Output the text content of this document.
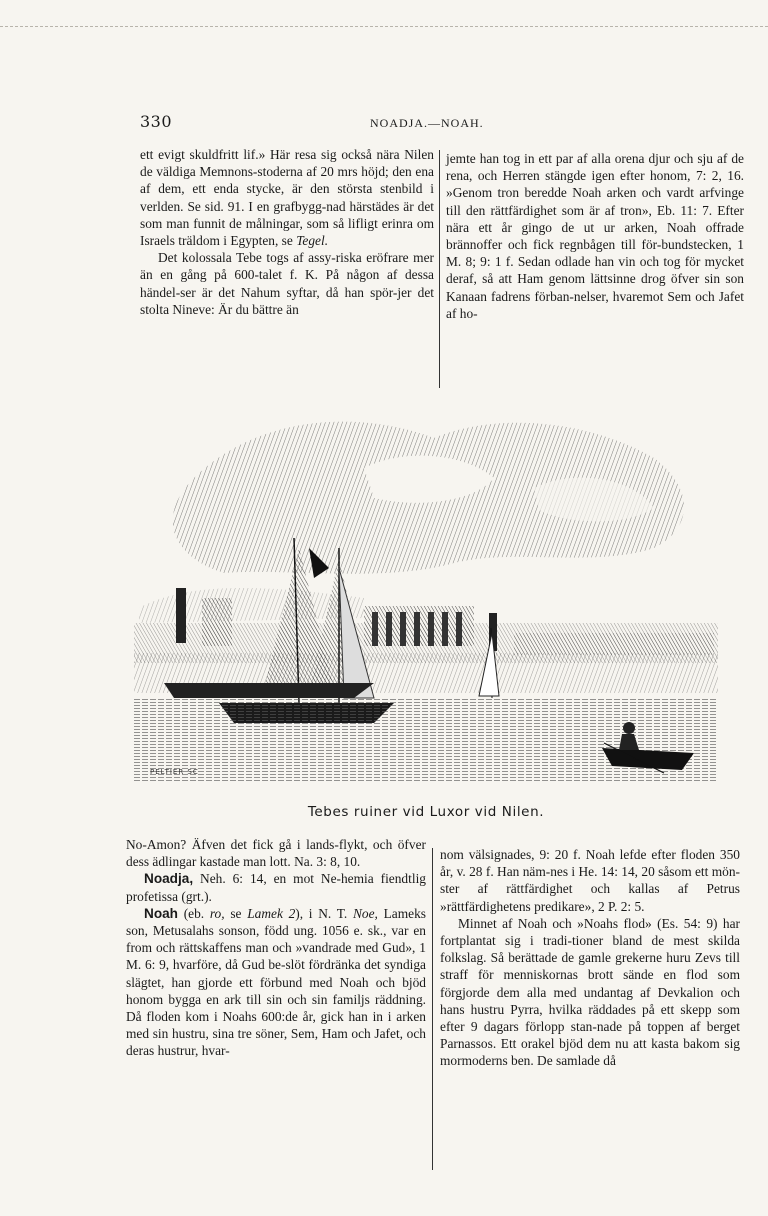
330	NOADJA.—NOAH.

ett evigt skuldfritt lif.» Här resa sig också nära Nilen de väldiga Memnons-stoderna af 20 mrs höjd; den ena af dem, ett enda stycke, är den största stenbild i verlden. Se sid. 91. I en grafbygg-nad härstädes är det som man funnit de målningar, som så lifligt erinra om Israels träldom i Egypten, se Tegel.

Det kolossala Tebe togs af assy-riska eröfrare mer än en gång på 600-talet f. K. På någon af dessa händel-ser är det Nahum syftar, då han spör-jer det stolta Nineve: Är du bättre än

jemte han tog in ett par af alla orena djur och sju af de rena, och Herren stängde igen efter honom, 7: 2, 16. »Genom tron beredde Noah arken och vardt arfvinge till den rättfärdighet som är af tron», Eb. 11: 7. Efter nära ett år gingo de ut ur arken, Noah offrade brännoffer och fick regnbågen till för-bundstecken, 1 M. 8; 9: 1 f. Sedan odlade han vin och tog för mycket deraf, så att Ham genom lättsinne drog öfver sin son Kanaan fadrens förban-nelser, hvaremot Sem och Jafet af ho-

PELTIER SC
Tebes ruiner vid Luxor vid Nilen.

No-Amon? Äfven det fick gå i lands-flykt, och öfver dess ädlingar kastade man lott. Na. 3: 8, 10.

Noadja, Neh. 6: 14, en mot Ne-hemia fiendtlig profetissa (grt.).

Noah (eb. ro, se Lamek 2), i N. T. Noe, Lameks son, Metusalahs sonson, född ung. 1056 e. sk., var en from och rättskaffens man och »vandrade med Gud», 1 M. 6: 9, hvarföre, då Gud be-slöt fördränka det syndiga slägtet, han gjorde ett förbund med Noah och bjöd honom bygga en ark till sin och sin familjs räddning. Då floden kom i Noahs 600:de år, gick han in i arken med sin hustru, sina tre söner, Sem, Ham och Jafet, och deras hustrur, hvar-

nom välsignades, 9: 20 f. Noah lefde efter floden 350 år, v. 28 f. Han näm-nes i He. 14: 14, 20 såsom ett mön-ster af rättfärdighet och kallas af Petrus »rättfärdighetens predikare», 2 P. 2: 5.

Minnet af Noah och »Noahs flod» (Es. 54: 9) har fortplantat sig i tradi-tioner bland de mest skilda folkslag. Så berättade de gamle grekerne huru Zevs till straff för menniskornas brott sände en flod som förgjorde dem alla med undantag af Devkalion och hans hustru Pyrra, hvilka räddades på ett skepp som efter 9 dagars förlopp stan-nade på toppen af berget Parnassos. Ett orakel bjöd dem nu att kasta bakom sig mormoderns ben. De samlade då
